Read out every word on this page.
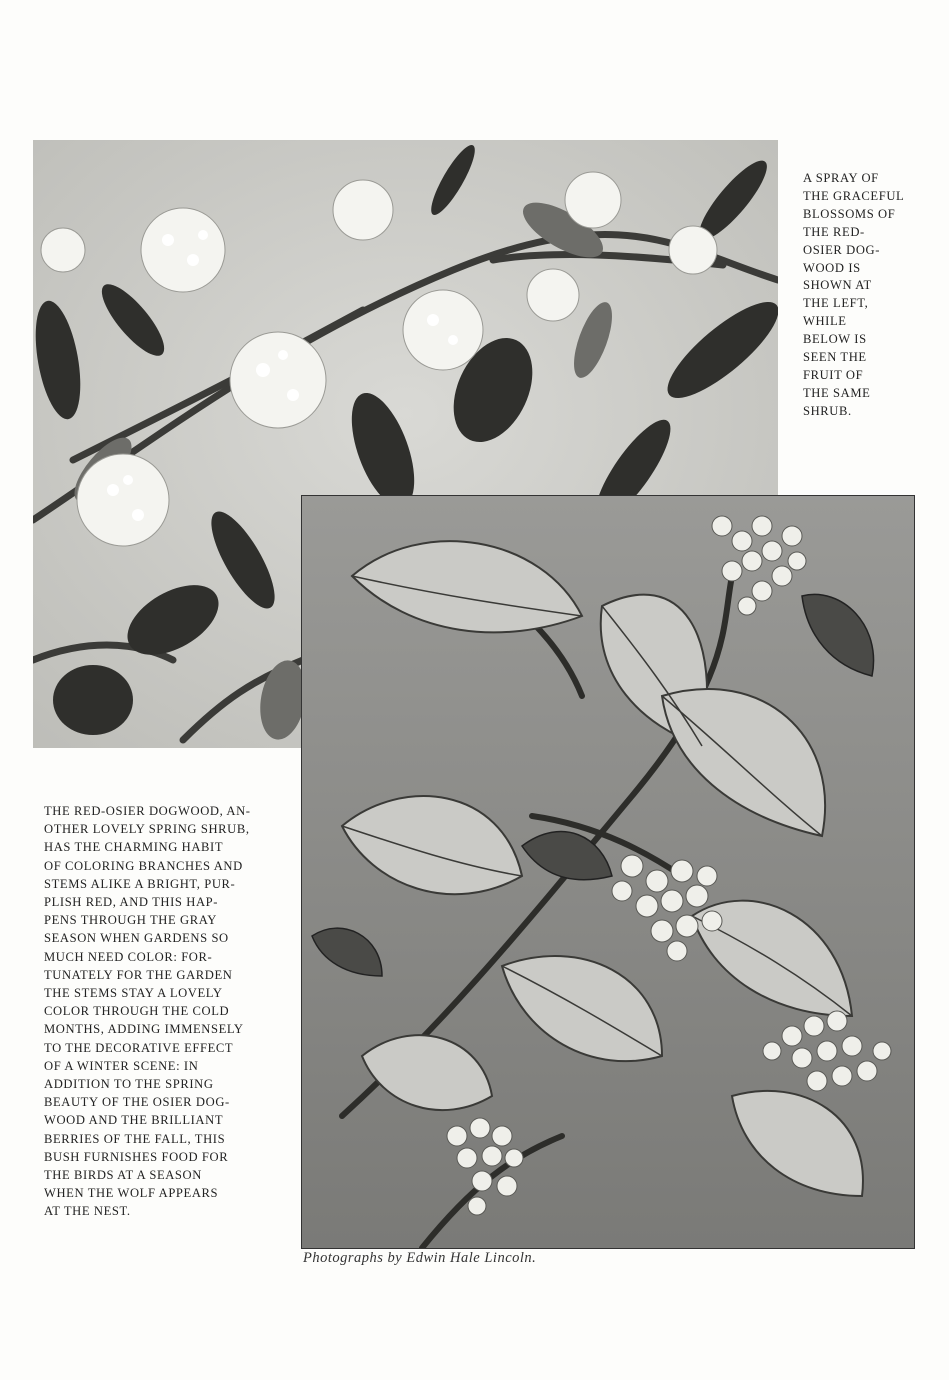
A SPRAY OF
THE GRACEFUL
BLOSSOMS OF
THE RED-
OSIER DOG-
WOOD IS
SHOWN AT
THE LEFT,
WHILE
BELOW IS
SEEN THE
FRUIT OF
THE SAME
SHRUB.
THE RED-OSIER DOGWOOD, AN-
OTHER LOVELY SPRING SHRUB,
HAS THE CHARMING HABIT
OF COLORING BRANCHES AND
STEMS ALIKE A BRIGHT, PUR-
PLISH RED, AND THIS HAP-
PENS THROUGH THE GRAY
SEASON WHEN GARDENS SO
MUCH NEED COLOR: FOR-
TUNATELY FOR THE GARDEN
THE STEMS STAY A LOVELY
COLOR THROUGH THE COLD
MONTHS, ADDING IMMENSELY
TO THE DECORATIVE EFFECT
OF A WINTER SCENE: IN
ADDITION TO THE SPRING
BEAUTY OF THE OSIER DOG-
WOOD AND THE BRILLIANT
BERRIES OF THE FALL, THIS
BUSH FURNISHES FOOD FOR
THE BIRDS AT A SEASON
WHEN THE WOLF APPEARS
AT THE NEST.
Photographs by Edwin Hale Lincoln.
